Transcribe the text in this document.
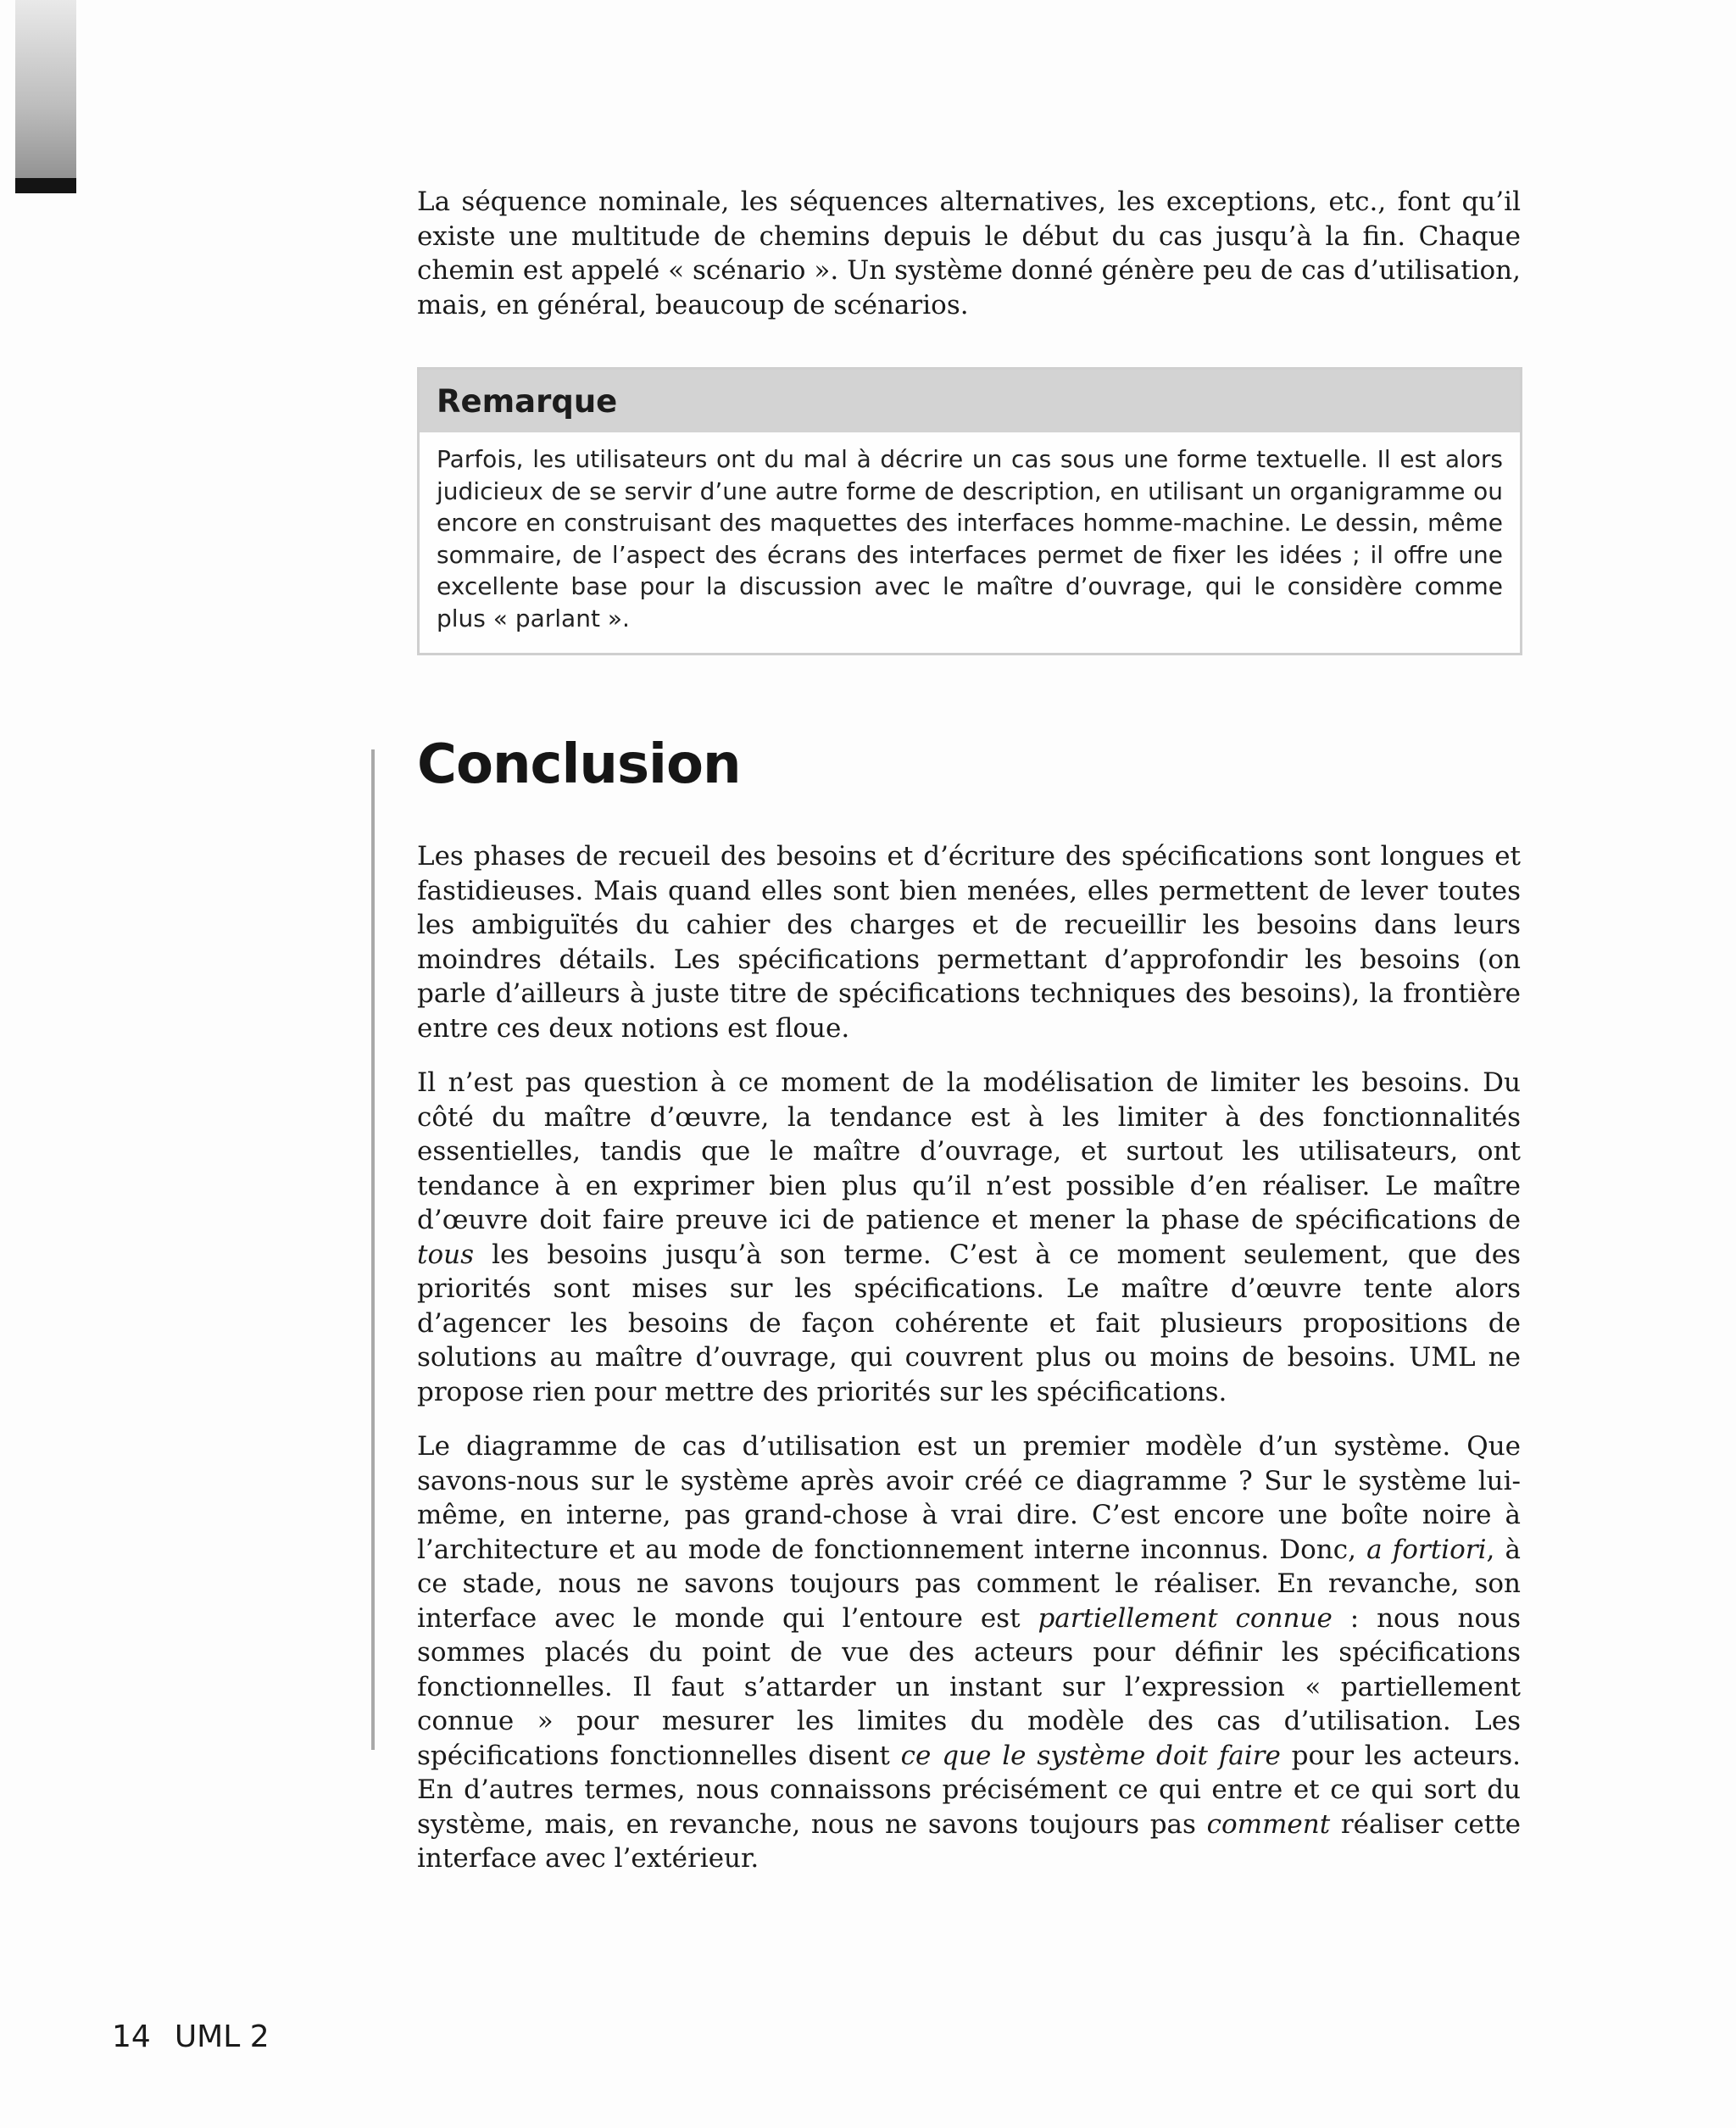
La séquence nominale, les séquences alternatives, les exceptions, etc., font qu’il existe une multitude de chemins depuis le début du cas jusqu’à la fin. Chaque chemin est appelé « scénario ». Un système donné génère peu de cas d’utilisation, mais, en général, beaucoup de scénarios.

Remarque

Parfois, les utilisateurs ont du mal à décrire un cas sous une forme textuelle. Il est alors judicieux de se servir d’une autre forme de description, en utilisant un organigramme ou encore en construisant des maquettes des interfaces homme-machine. Le dessin, même sommaire, de l’aspect des écrans des interfaces permet de fixer les idées ; il offre une excellente base pour la discussion avec le maître d’ouvrage, qui le considère comme plus « parlant ».

Conclusion

Les phases de recueil des besoins et d’écriture des spécifications sont longues et fastidieuses. Mais quand elles sont bien menées, elles permettent de lever toutes les ambiguïtés du cahier des charges et de recueillir les besoins dans leurs moindres détails. Les spécifications permettant d’approfondir les besoins (on parle d’ailleurs à juste titre de spécifications techniques des besoins), la frontière entre ces deux notions est floue.

Il n’est pas question à ce moment de la modélisation de limiter les besoins. Du côté du maître d’œuvre, la tendance est à les limiter à des fonctionnalités essentielles, tandis que le maître d’ouvrage, et surtout les utilisateurs, ont tendance à en exprimer bien plus qu’il n’est possible d’en réaliser. Le maître d’œuvre doit faire preuve ici de patience et mener la phase de spécifications de tous les besoins jusqu’à son terme. C’est à ce moment seulement, que des priorités sont mises sur les spécifications. Le maître d’œuvre tente alors d’agencer les besoins de façon cohérente et fait plusieurs propositions de solutions au maître d’ouvrage, qui couvrent plus ou moins de besoins. UML ne propose rien pour mettre des priorités sur les spécifications.

Le diagramme de cas d’utilisation est un premier modèle d’un système. Que savons-nous sur le système après avoir créé ce diagramme ? Sur le système lui-même, en interne, pas grand-chose à vrai dire. C’est encore une boîte noire à l’architecture et au mode de fonctionnement interne inconnus. Donc, a fortiori, à ce stade, nous ne savons toujours pas comment le réaliser. En revanche, son interface avec le monde qui l’entoure est partiellement connue : nous nous sommes placés du point de vue des acteurs pour définir les spécifications fonctionnelles. Il faut s’attarder un instant sur l’expression « partiellement connue » pour mesurer les limites du modèle des cas d’utilisation. Les spécifications fonctionnelles disent ce que le système doit faire pour les acteurs. En d’autres termes, nous connaissons précisément ce qui entre et ce qui sort du système, mais, en revanche, nous ne savons toujours pas comment réaliser cette interface avec l’extérieur.

14 UML 2
